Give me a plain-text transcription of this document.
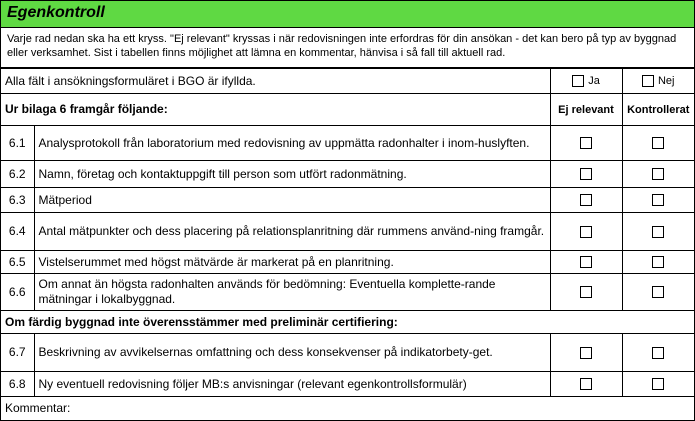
Egenkontroll
Varje rad nedan ska ha ett kryss. "Ej relevant" kryssas i när redovisningen inte erfordras för din ansökan - det kan bero på typ av byggnad eller verksamhet. Sist i tabellen finns möjlighet att lämna en kommentar, hänvisa i så fall till aktuell rad.
Alla fält i ansökningsformuläret i BGO är ifyllda.		Ja	Nej
Ur bilaga 6 framgår följande:		Ej relevant	Kontrollerat
6.1	Analysprotokoll från laboratorium med redovisning av uppmätta radonhalter i inom-huslуften.		
6.2	Namn, företag och kontaktuppgift till person som utfört radonmätning.		
6.3	Mätperiod		
6.4	Antal mätpunkter och dess placering på relationsplanritning där rummens använd-ning framgår.		
6.5	Vistelserummet med högst mätvärde är markerat på en planritning.		
6.6	Om annat än högsta radonhalten används för bedömning: Eventuella komplette-rande mätningar i lokalbyggnad.		
Om färdig byggnad inte överensstämmer med preliminär certifiering:			
6.7	Beskrivning av avvikelsernas omfattning och dess konsekvenser på indikatorbety-get.		
6.8	Ny eventuell redovisning följer MB:s anvisningar (relevant egenkontrollsformulär)		
Kommentar:			
